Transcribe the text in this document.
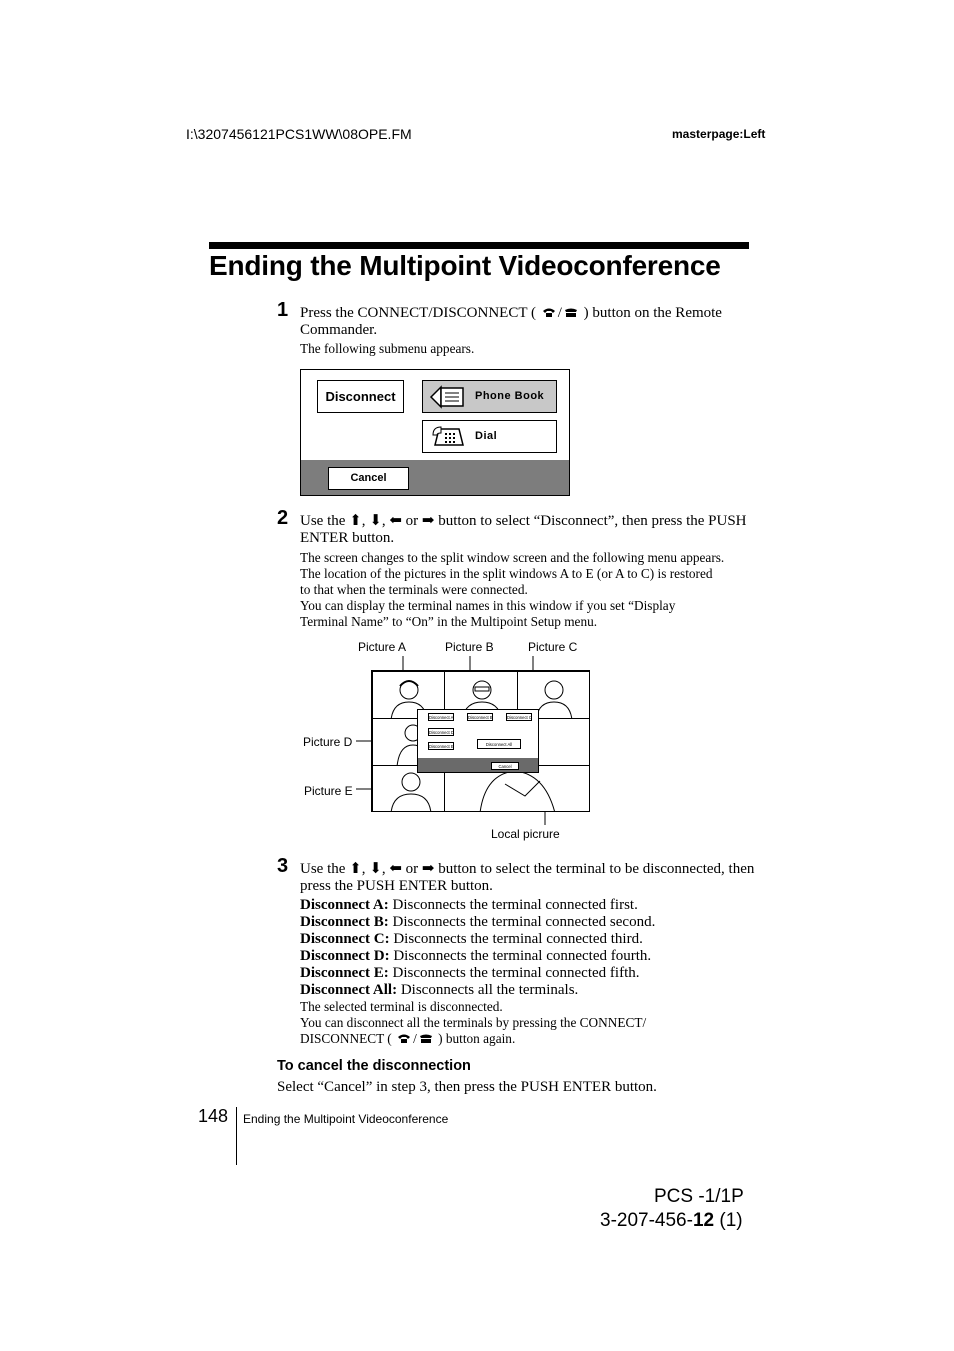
I:\3207456121PCS1WW\08OPE.FM	masterpage:Left
Ending the Multipoint Videoconference
1 Press the CONNECT/DISCONNECT ( / ) button on the Remote
Commander.
The following submenu appears.
Disconnect	Phone Book
Dial
Cancel
2 Use the ⬆, ⬇, ⬅ or ➡ button to select “Disconnect”, then press the PUSH
ENTER button.
The screen changes to the split window screen and the following menu appears.
The location of the pictures in the split windows A to E (or A to C) is restored
to that when the terminals were connected.
You can display the terminal names in this window if you set “Display
Terminal Name” to “On” in the Multipoint Setup menu.
Picture A	Picture B	Picture C
Picture D
Picture E
Local picrure
Disconnect A	Disconnect B	Disconnect C
Disconnect D
Disconnect E	Disconnect All
Cancel
3 Use the ⬆, ⬇, ⬅ or ➡ button to select the terminal to be disconnected, then
press the PUSH ENTER button.
Disconnect A: Disconnects the terminal connected first.
Disconnect B: Disconnects the terminal connected second.
Disconnect C: Disconnects the terminal connected third.
Disconnect D: Disconnects the terminal connected fourth.
Disconnect E: Disconnects the terminal connected fifth.
Disconnect All: Disconnects all the terminals.
The selected terminal is disconnected.
You can disconnect all the terminals by pressing the CONNECT/
DISCONNECT ( / ) button again.
To cancel the disconnection
Select “Cancel” in step 3, then press the PUSH ENTER button.
148 Ending the Multipoint Videoconference
PCS -1/1P
3-207-456-12 (1)
